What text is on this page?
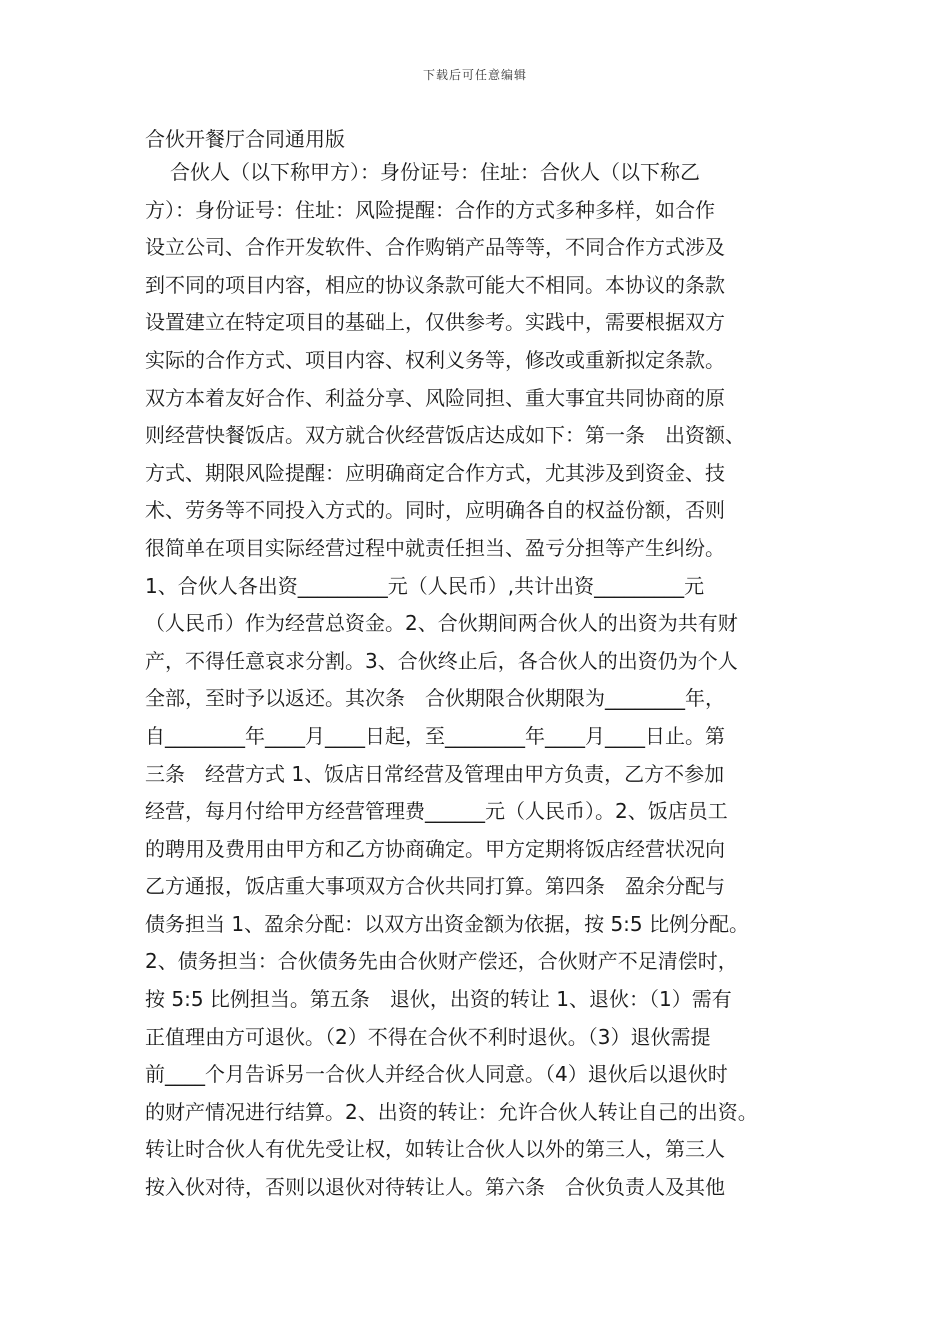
下载后可任意编辑
合伙开餐厅合同通用版
合伙人（以下称甲方）：身份证号：住址：合伙人（以下称乙
方）：身份证号：住址：风险提醒：合作的方式多种多样，如合作
设立公司、合作开发软件、合作购销产品等等，不同合作方式涉及
到不同的项目内容，相应的协议条款可能大不相同。本协议的条款
设置建立在特定项目的基础上，仅供参考。实践中，需要根据双方
实际的合作方式、项目内容、权利义务等，修改或重新拟定条款。
双方本着友好合作、利益分享、风险同担、重大事宜共同协商的原
则经营快餐饭店。双方就合伙经营饭店达成如下：第一条　出资额、
方式、期限风险提醒：应明确商定合作方式，尤其涉及到资金、技
术、劳务等不同投入方式的。同时，应明确各自的权益份额，否则
很简单在项目实际经营过程中就责任担当、盈亏分担等产生纠纷。
1、合伙人各出资_________元（人民币）,共计出资_________元
（人民币）作为经营总资金。2、合伙期间两合伙人的出资为共有财
产，不得任意哀求分割。3、合伙终止后，各合伙人的出资仍为个人
全部，至时予以返还。其次条　合伙期限合伙期限为________年，
自________年____月____日起，至________年____月____日止。第
三条　经营方式 1、饭店日常经营及管理由甲方负责，乙方不参加
经营，每月付给甲方经营管理费______元（人民币）。2、饭店员工
的聘用及费用由甲方和乙方协商确定。甲方定期将饭店经营状况向
乙方通报，饭店重大事项双方合伙共同打算。第四条　盈余分配与
债务担当 1、盈余分配：以双方出资金额为依据，按 5:5 比例分配。
2、债务担当：合伙债务先由合伙财产偿还，合伙财产不足清偿时，
按 5:5 比例担当。第五条　退伙，出资的转让 1、退伙：（1）需有
正值理由方可退伙。（2）不得在合伙不利时退伙。（3）退伙需提
前____个月告诉另一合伙人并经合伙人同意。（4）退伙后以退伙时
的财产情况进行结算。2、出资的转让：允许合伙人转让自己的出资。
转让时合伙人有优先受让权，如转让合伙人以外的第三人，第三人
按入伙对待，否则以退伙对待转让人。第六条　合伙负责人及其他
